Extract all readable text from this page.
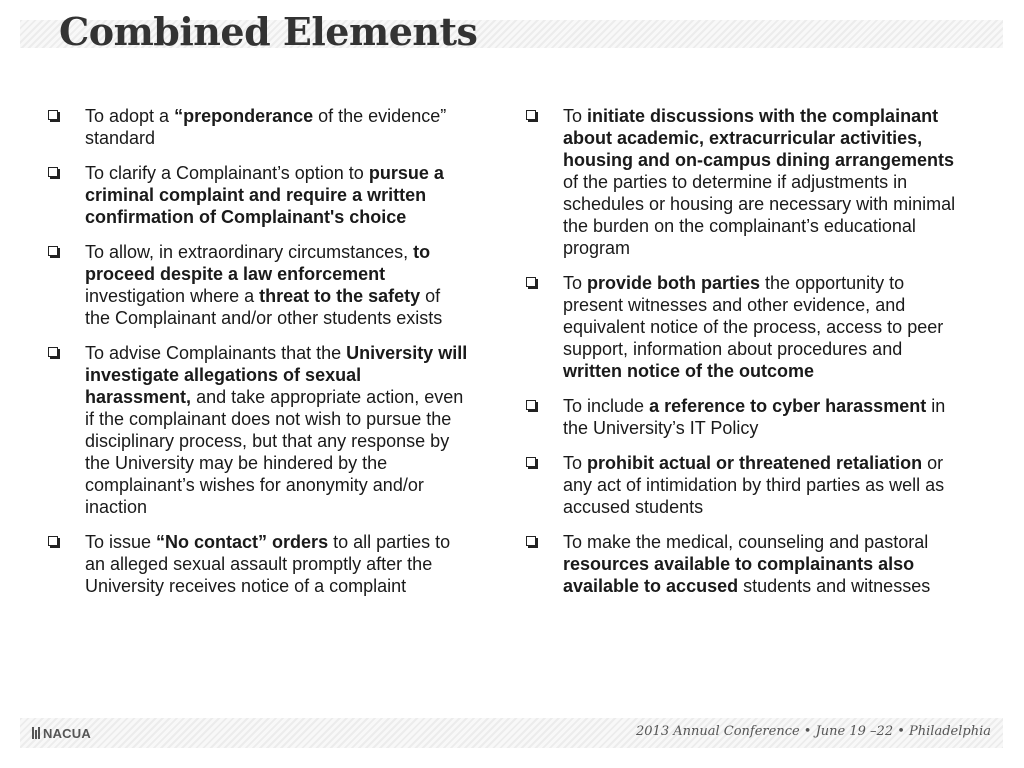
Combined Elements
To adopt a “preponderance of the evidence” standard
To clarify a Complainant’s option to pursue a criminal complaint and require a written confirmation of Complainant's choice
To allow, in extraordinary circumstances, to proceed despite a law enforcement investigation where a threat to the safety of the Complainant and/or other students exists
To advise Complainants that the University will investigate allegations of sexual harassment, and take appropriate action, even if the complainant does not wish to pursue the disciplinary process, but that any response by the University may be hindered by the complainant’s wishes for anonymity and/or inaction
To issue “No contact” orders to all parties to an alleged sexual assault promptly after the University receives notice of a complaint
To initiate discussions with the complainant about academic, extracurricular activities, housing and on-campus dining arrangements of the parties to determine if adjustments in schedules or housing are necessary with minimal the burden on the complainant’s educational program
To provide both parties the opportunity to present witnesses and other evidence, and equivalent notice of the process, access to peer support, information about procedures and written notice of the outcome
To include a reference to cyber harassment in the University’s IT Policy
To prohibit actual or threatened retaliation or any act of intimidation by third parties as well as accused students
To make the medical, counseling and pastoral resources available to complainants also available to accused students and witnesses
NACUA	2013 Annual Conference • June 19 –22 • Philadelphia
